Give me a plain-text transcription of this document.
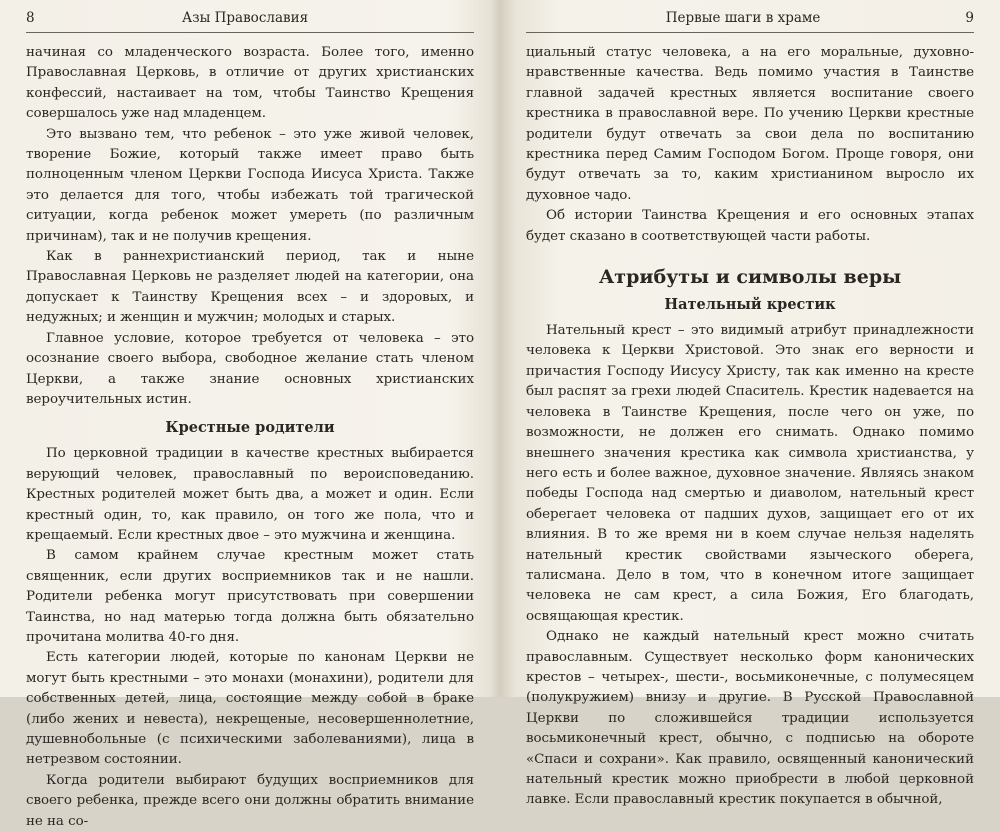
8	Азы Православия

начиная со младенческого возраста. Более того, именно Православная Церковь, в отличие от других христианских конфессий, настаивает на том, чтобы Таинство Крещения совершалось уже над младенцем.

Это вызвано тем, что ребенок – это уже живой человек, творение Божие, который также имеет право быть полноценным членом Церкви Господа Иисуса Христа. Также это делается для того, чтобы избежать той трагической ситуации, когда ребенок может умереть (по различным причинам), так и не получив крещения.

Как в раннехристианский период, так и ныне Православная Церковь не разделяет людей на категории, она допускает к Таинству Крещения всех – и здоровых, и недужных; и женщин и мужчин; молодых и старых.

Главное условие, которое требуется от человека – это осознание своего выбора, свободное желание стать членом Церкви, а также знание основных христианских вероучительных истин.

Крестные родители

По церковной традиции в качестве крестных выбирается верующий человек, православный по вероисповеданию. Крестных родителей может быть два, а может и один. Если крестный один, то, как правило, он того же пола, что и крещаемый. Если крестных двое – это мужчина и женщина.

В самом крайнем случае крестным может стать священник, если других восприемников так и не нашли. Родители ребенка могут присутствовать при совершении Таинства, но над матерью тогда должна быть обязательно прочитана молитва 40-го дня.

Есть категории людей, которые по канонам Церкви не могут быть крестными – это монахи (монахини), родители для собственных детей, лица, состоящие между собой в браке (либо жених и невеста), некрещеные, несовершеннолетние, душевнобольные (с психическими заболеваниями), лица в нетрезвом состоянии.

Когда родители выбирают будущих восприемников для своего ребенка, прежде всего они должны обратить внимание не на со-

Первые шаги в храме	9

циальный статус человека, а на его моральные, духовно-нравственные качества. Ведь помимо участия в Таинстве главной задачей крестных является воспитание своего крестника в православной вере. По учению Церкви крестные родители будут отвечать за свои дела по воспитанию крестника перед Самим Господом Богом. Проще говоря, они будут отвечать за то, каким христианином выросло их духовное чадо.

Об истории Таинства Крещения и его основных этапах будет сказано в соответствующей части работы.

Атрибуты и символы веры
Нательный крестик

Нательный крест – это видимый атрибут принадлежности человека к Церкви Христовой. Это знак его верности и причастия Господу Иисусу Христу, так как именно на кресте был распят за грехи людей Спаситель. Крестик надевается на человека в Таинстве Крещения, после чего он уже, по возможности, не должен его снимать. Однако помимо внешнего значения крестика как символа христианства, у него есть и более важное, духовное значение. Являясь знаком победы Господа над смертью и диаволом, нательный крест оберегает человека от падших духов, защищает его от их влияния. В то же время ни в коем случае нельзя наделять нательный крестик свойствами языческого оберега, талисмана. Дело в том, что в конечном итоге защищает человека не сам крест, а сила Божия, Его благодать, освящающая крестик.

Однако не каждый нательный крест можно считать православным. Существует несколько форм канонических крестов – четырех-, шести-, восьмиконечные, с полумесяцем (полукружием) внизу и другие. В Русской Православной Церкви по сложившейся традиции используется восьмиконечный крест, обычно, с подписью на обороте «Спаси и сохрани». Как правило, освященный канонический нательный крестик можно приобрести в любой церковной лавке. Если православный крестик покупается в обычной,
